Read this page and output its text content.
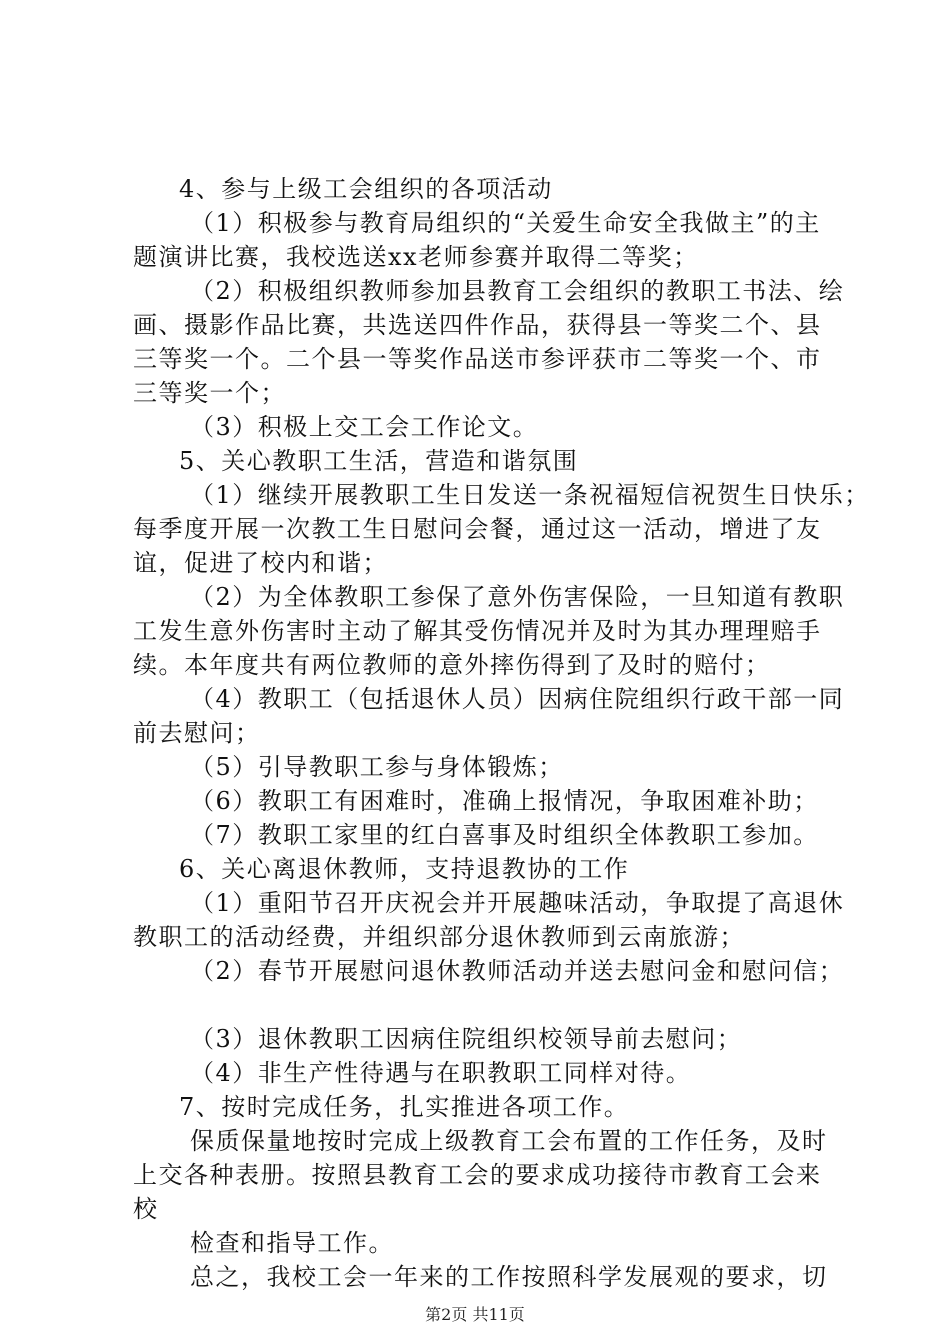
4、参与上级工会组织的各项活动
（1）积极参与教育局组织的“关爱生命安全我做主”的主
题演讲比赛，我校选送xx老师参赛并取得二等奖；
（2）积极组织教师参加县教育工会组织的教职工书法、绘
画、摄影作品比赛，共选送四件作品，获得县一等奖二个、县
三等奖一个。二个县一等奖作品送市参评获市二等奖一个、市
三等奖一个；
（3）积极上交工会工作论文。
5、关心教职工生活，营造和谐氛围
（1）继续开展教职工生日发送一条祝福短信祝贺生日快乐；
每季度开展一次教工生日慰问会餐，通过这一活动，增进了友
谊，促进了校内和谐；
（2）为全体教职工参保了意外伤害保险，一旦知道有教职
工发生意外伤害时主动了解其受伤情况并及时为其办理理赔手
续。本年度共有两位教师的意外摔伤得到了及时的赔付；
（4）教职工（包括退休人员）因病住院组织行政干部一同
前去慰问；
（5）引导教职工参与身体锻炼；
（6）教职工有困难时，准确上报情况，争取困难补助；
（7）教职工家里的红白喜事及时组织全体教职工参加。
6、关心离退休教师，支持退教协的工作
（1）重阳节召开庆祝会并开展趣味活动，争取提了高退休
教职工的活动经费，并组织部分退休教师到云南旅游；
（2）春节开展慰问退休教师活动并送去慰问金和慰问信；
（3）退休教职工因病住院组织校领导前去慰问；
（4）非生产性待遇与在职教职工同样对待。
7、按时完成任务，扎实推进各项工作。
保质保量地按时完成上级教育工会布置的工作任务，及时
上交各种表册。按照县教育工会的要求成功接待市教育工会来
校
检查和指导工作。
总之，我校工会一年来的工作按照科学发展观的要求，切
第2页 共11页
